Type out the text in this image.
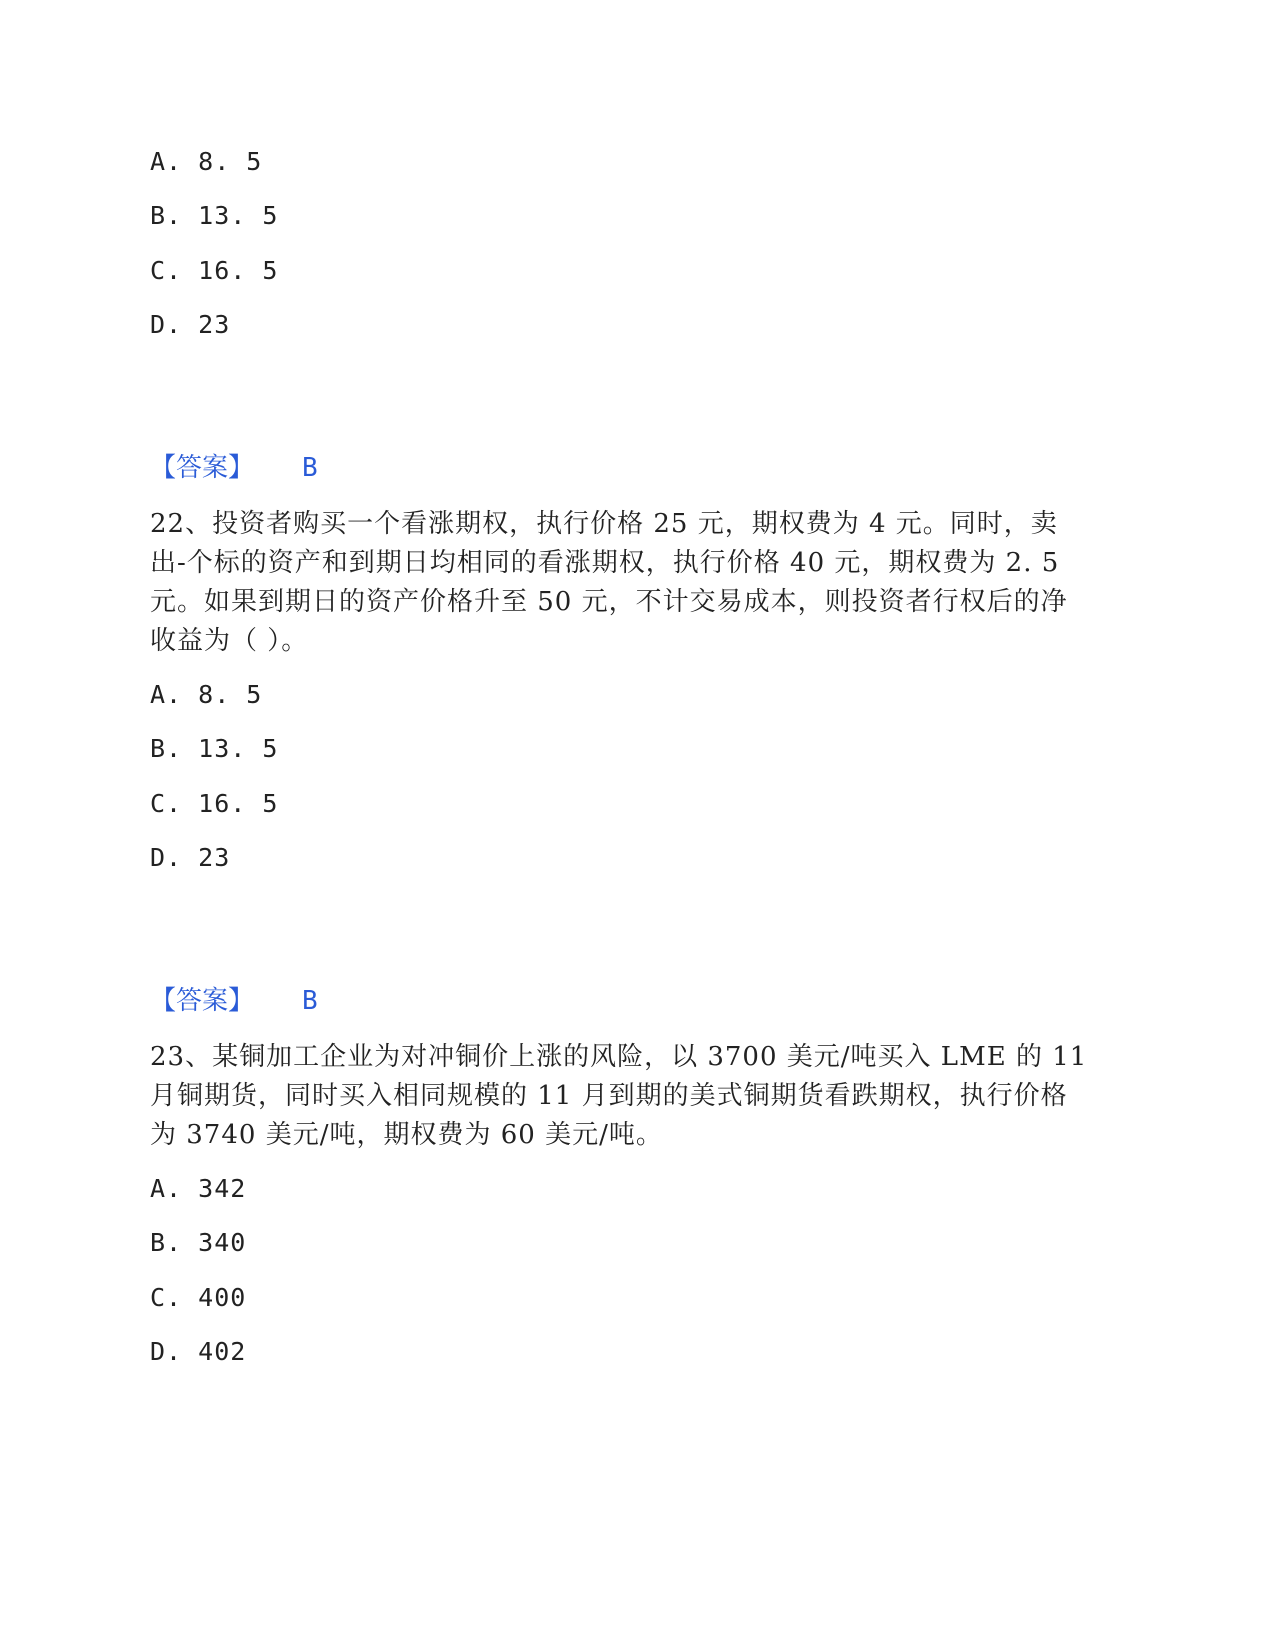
A. 8. 5
B. 13. 5
C. 16. 5
D. 23
【答案】 B
22、投资者购买一个看涨期权，执行价格 25 元，期权费为 4 元。同时，卖出-个标的资产和到期日均相同的看涨期权，执行价格 40 元，期权费为 2. 5 元。如果到期日的资产价格升至 50 元，不计交易成本，则投资者行权后的净收益为（ ）。
A. 8. 5
B. 13. 5
C. 16. 5
D. 23
【答案】 B
23、某铜加工企业为对冲铜价上涨的风险，以 3700 美元/吨买入 LME 的 11 月铜期货，同时买入相同规模的 11 月到期的美式铜期货看跌期权，执行价格为 3740 美元/吨，期权费为 60 美元/吨。
A. 342
B. 340
C. 400
D. 402
